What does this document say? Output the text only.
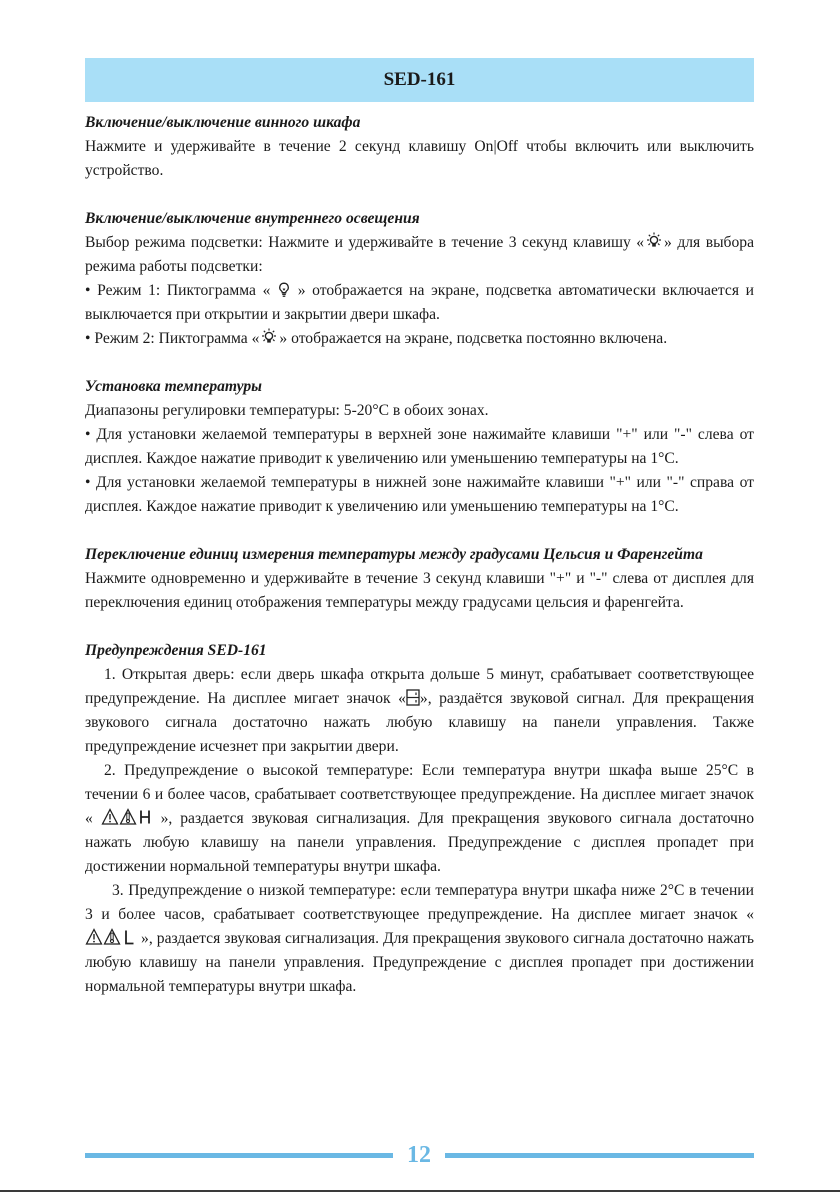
SED-161

Включение/выключение винного шкафа

Нажмите и удерживайте в течение 2 секунд клавишу On|Off чтобы включить или выключить устройство.

Включение/выключение внутреннего освещения

Выбор режима подсветки: Нажмите и удерживайте в течение 3 секунд клавишу « » для выбора режима работы подсветки:

• Режим 1: Пиктограмма «  » отображается на экране, подсветка автоматически включается и выключается при открытии и закрытии двери шкафа.

• Режим 2: Пиктограмма « » отображается на экране, подсветка постоянно включена.

Установка температуры

Диапазоны регулировки температуры: 5-20°C в обоих зонах.

• Для установки желаемой температуры в верхней зоне нажимайте клавиши "+" или "-" слева от дисплея. Каждое нажатие приводит к увеличению или уменьшению температуры на 1°C.

• Для установки желаемой температуры в нижней зоне нажимайте клавиши "+" или "-" справа от дисплея. Каждое нажатие приводит к увеличению или уменьшению температуры на 1°C.

Переключение единиц измерения температуры между градусами Цельсия и Фаренгейта

Нажмите одновременно и удерживайте в течение 3 секунд клавиши "+" и "-" слева от дисплея для переключения единиц отображения температуры между градусами цельсия и фаренгейта.

Предупреждения SED-161

1. Открытая дверь: если дверь шкафа открыта дольше 5 минут, срабатывает соответствующее предупреждение. На дисплее мигает значок « », раздаётся звуковой сигнал. Для прекращения звукового сигнала достаточно нажать любую клавишу на панели управления. Также предупреждение исчезнет при закрытии двери.

2. Предупреждение о высокой температуре: Если температура внутри шкафа выше 25°C в течении 6 и более часов, срабатывает соответствующее предупреждение. На дисплее мигает значок «	», раздается звуковая сигнализация. Для прекращения звукового сигнала достаточно нажать любую клавишу на панели управления. Предупреждение с дисплея пропадет при достижении нормальной температуры внутри шкафа.

3. Предупреждение о низкой температуре: если температура внутри шкафа ниже 2°C в течении 3 и более часов, срабатывает соответствующее предупреждение. На дисплее мигает значок «  », раздается звуковая сигнализация. Для прекращения звукового сигнала достаточно нажать любую клавишу на панели управления. Предупреждение с дисплея пропадет при достижении нормальной температуры внутри шкафа.

12
